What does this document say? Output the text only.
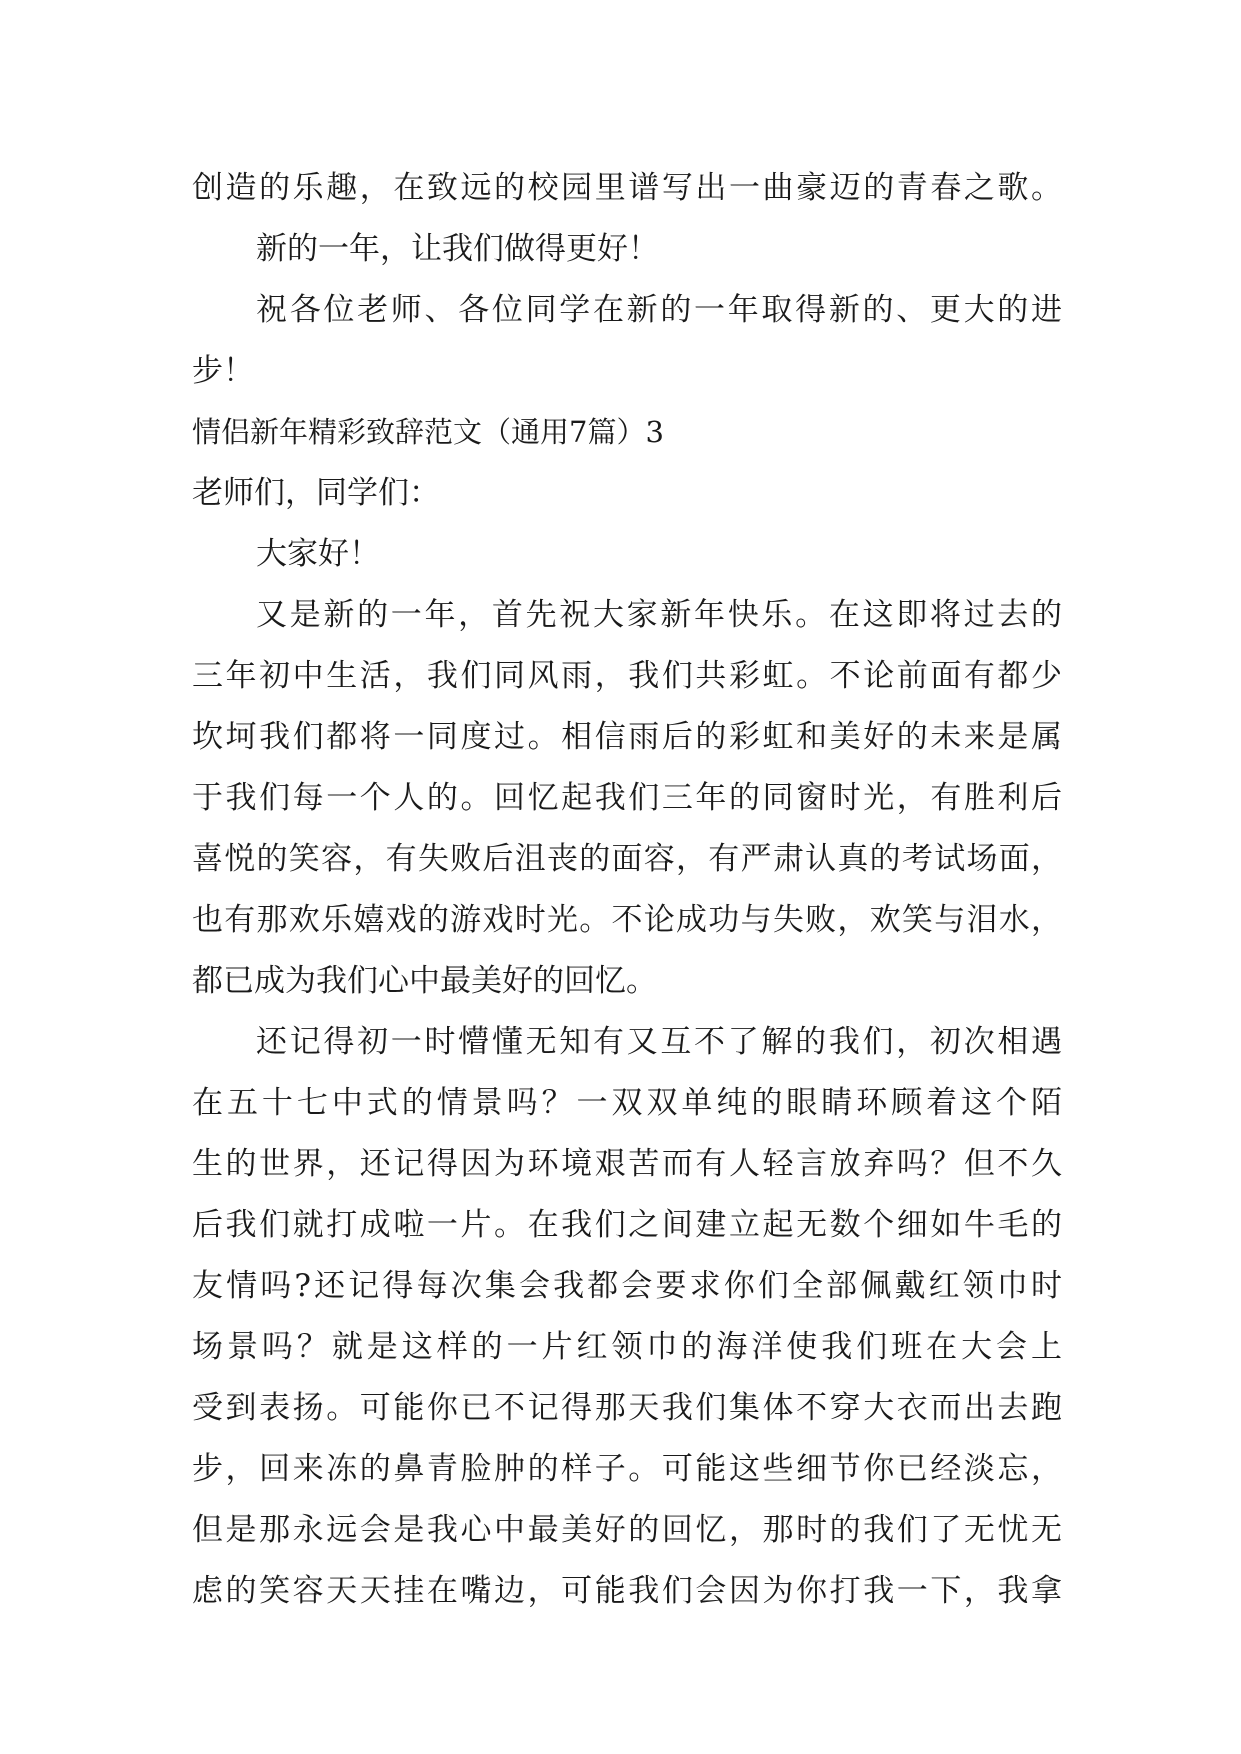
创造的乐趣，在致远的校园里谱写出一曲豪迈的青春之歌。
新的一年，让我们做得更好！
祝各位老师、各位同学在新的一年取得新的、更大的进
步！
情侣新年精彩致辞范文（通用7篇）3
老师们，同学们：
大家好！
又是新的一年，首先祝大家新年快乐。在这即将过去的
三年初中生活，我们同风雨，我们共彩虹。不论前面有都少
坎坷我们都将一同度过。相信雨后的彩虹和美好的未来是属
于我们每一个人的。回忆起我们三年的同窗时光，有胜利后
喜悦的笑容，有失败后沮丧的面容，有严肃认真的考试场面，
也有那欢乐嬉戏的游戏时光。不论成功与失败，欢笑与泪水，
都已成为我们心中最美好的回忆。
还记得初一时懵懂无知有又互不了解的我们，初次相遇
在五十七中式的情景吗？一双双单纯的眼睛环顾着这个陌
生的世界，还记得因为环境艰苦而有人轻言放弃吗？但不久
后我们就打成啦一片。在我们之间建立起无数个细如牛毛的
友情吗?还记得每次集会我都会要求你们全部佩戴红领巾时
场景吗？就是这样的一片红领巾的海洋使我们班在大会上
受到表扬。可能你已不记得那天我们集体不穿大衣而出去跑
步，回来冻的鼻青脸肿的样子。可能这些细节你已经淡忘，
但是那永远会是我心中最美好的回忆，那时的我们了无忧无
虑的笑容天天挂在嘴边，可能我们会因为你打我一下，我拿
